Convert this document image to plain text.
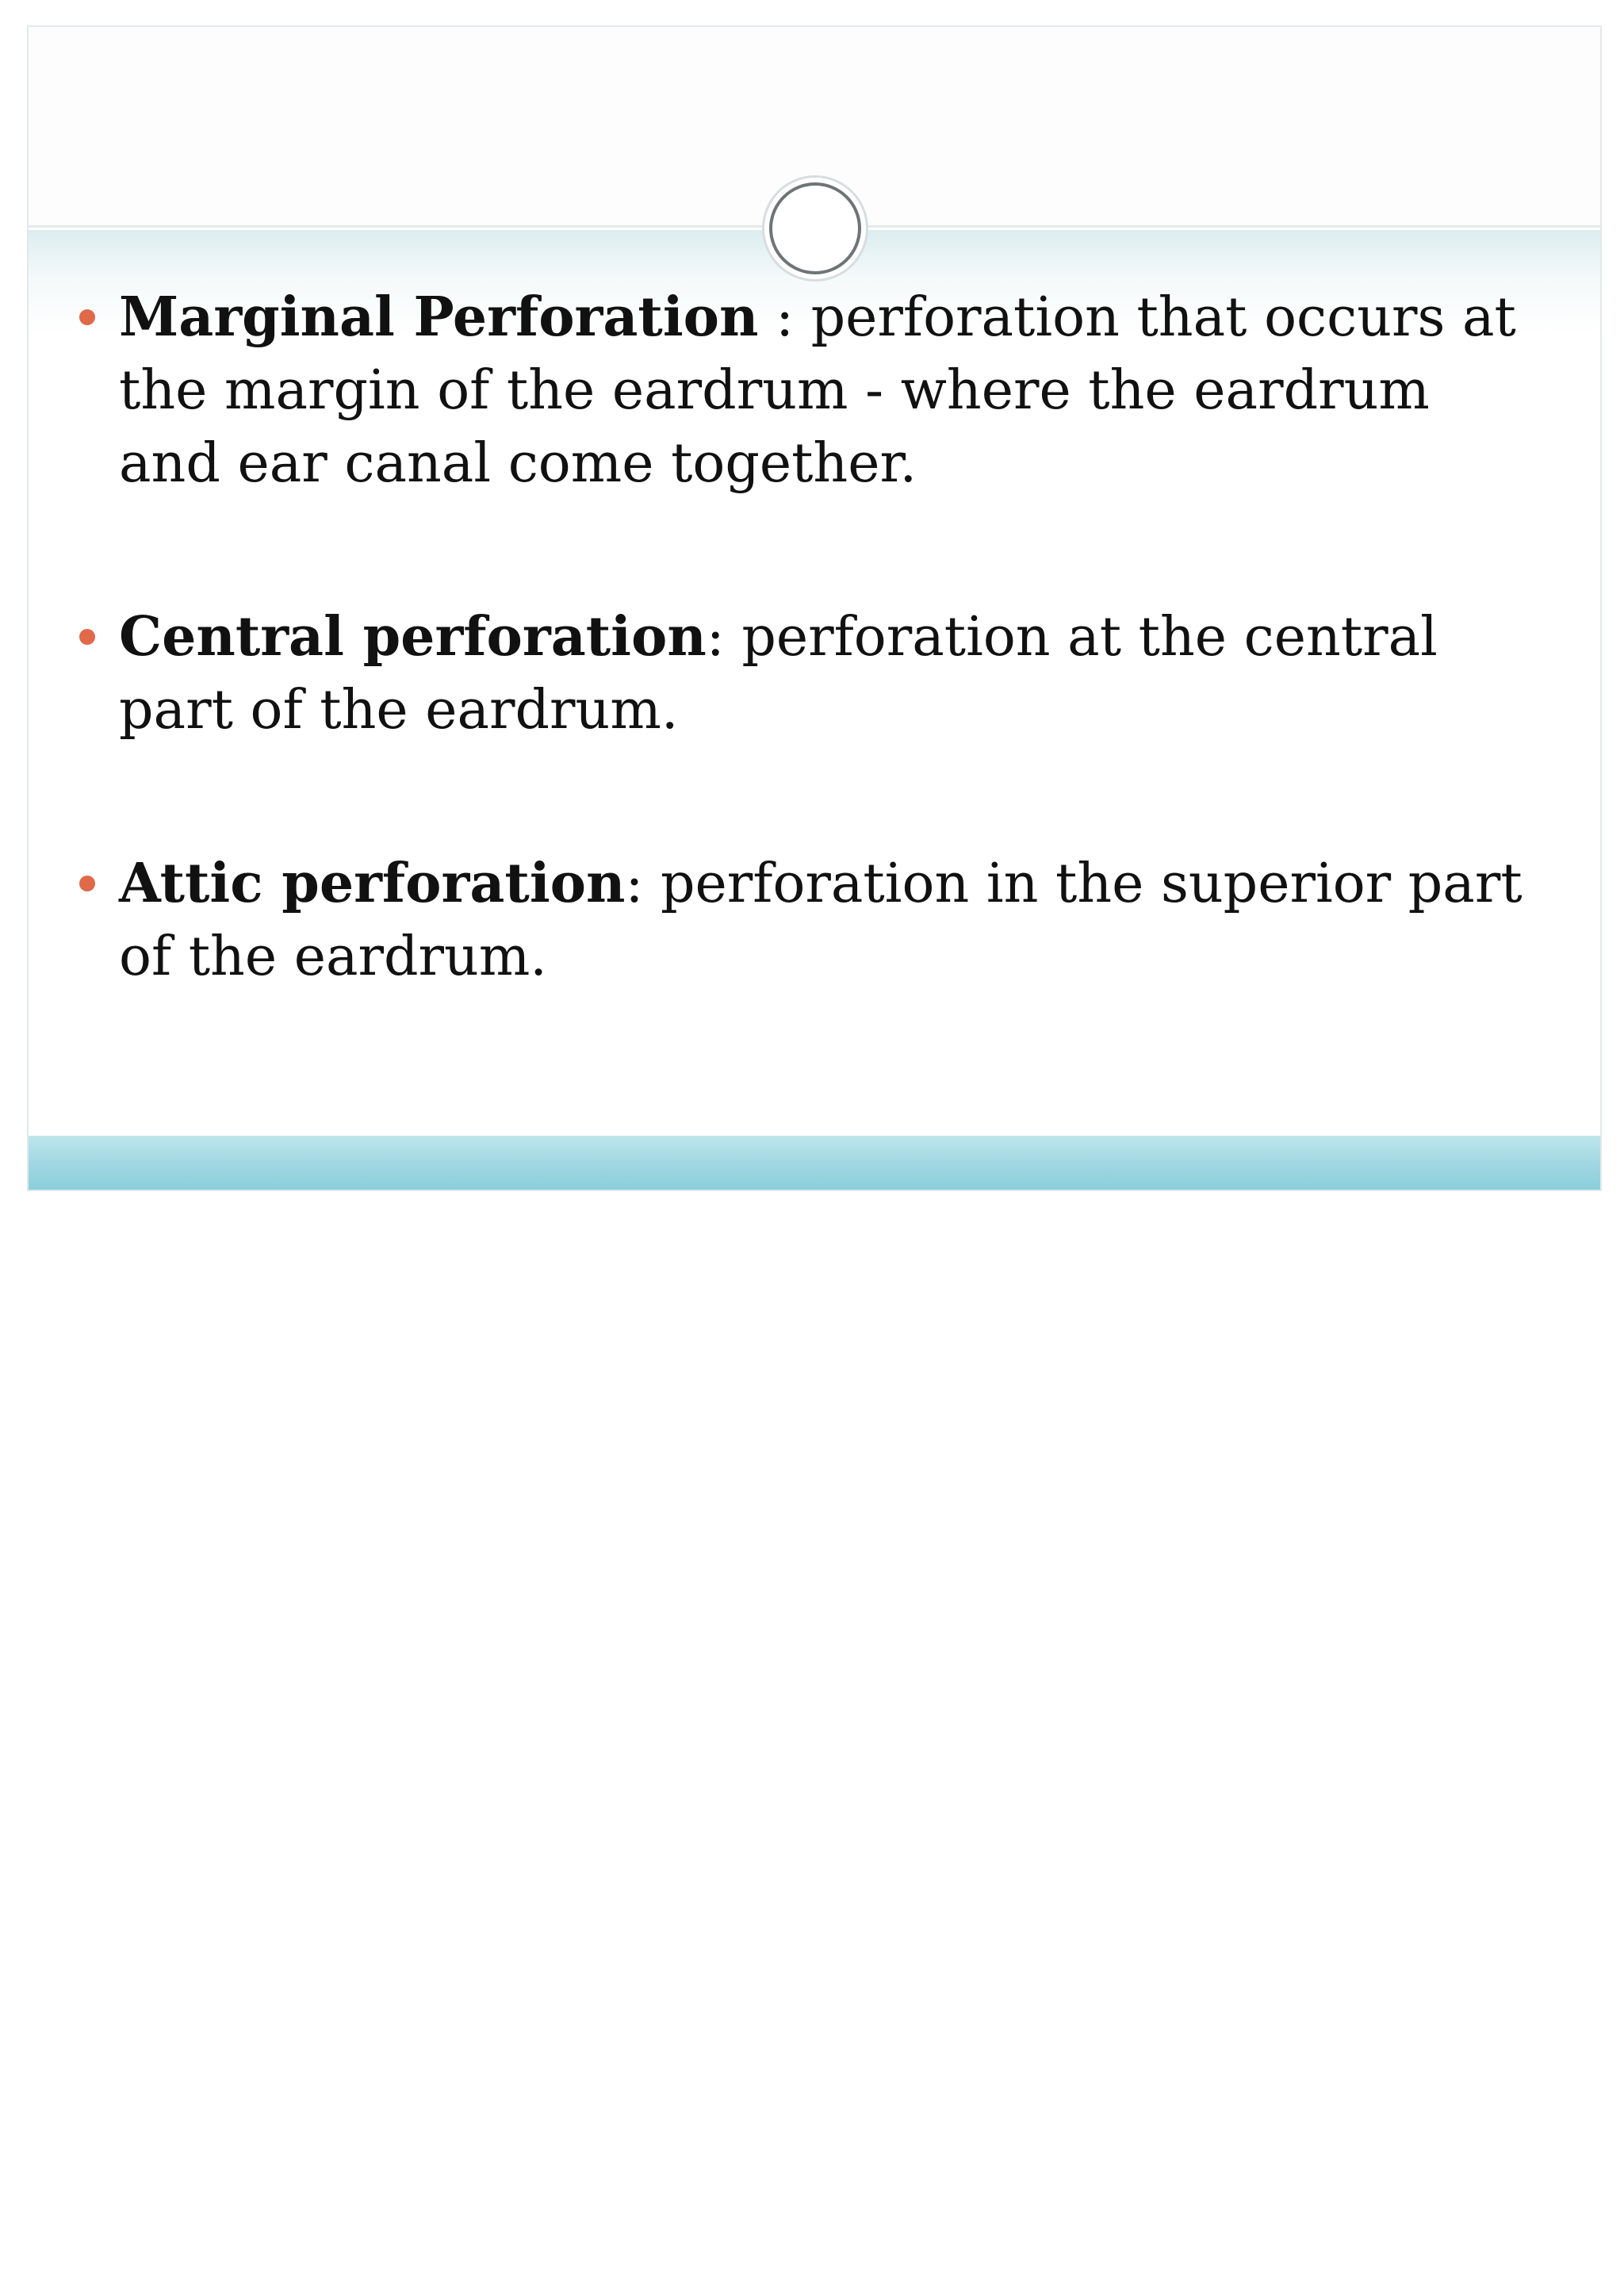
Marginal Perforation : perforation that occurs at the margin of the eardrum - where the eardrum and ear canal come together.
Central perforation: perforation at the central part of the eardrum.
Attic perforation: perforation in the superior part of the eardrum.
